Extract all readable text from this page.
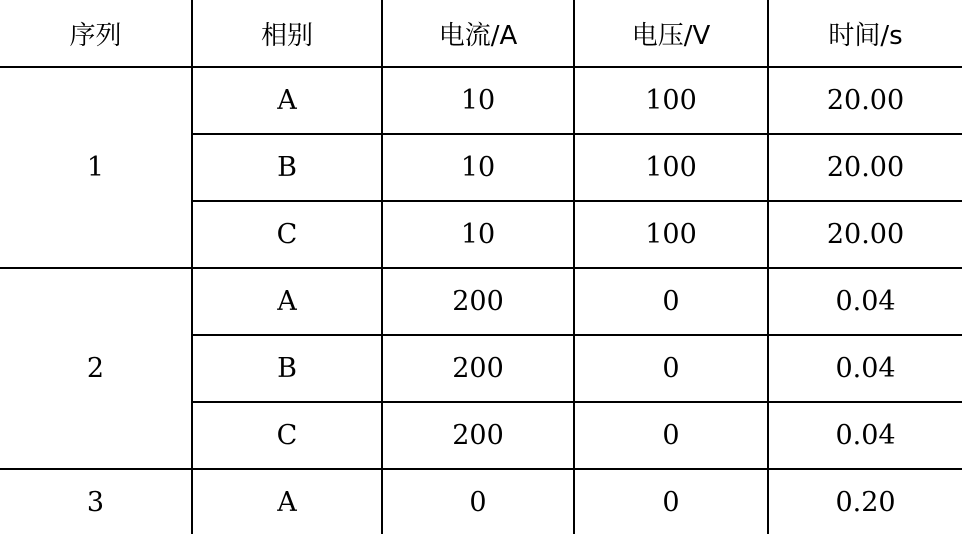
序列	相别	电流/A	电压/V	时间/s
1	A	10	100	20.00
	B	10	100	20.00
	C	10	100	20.00
2	A	200	0	0.04
	B	200	0	0.04
	C	200	0	0.04
3	A	0	0	0.20
